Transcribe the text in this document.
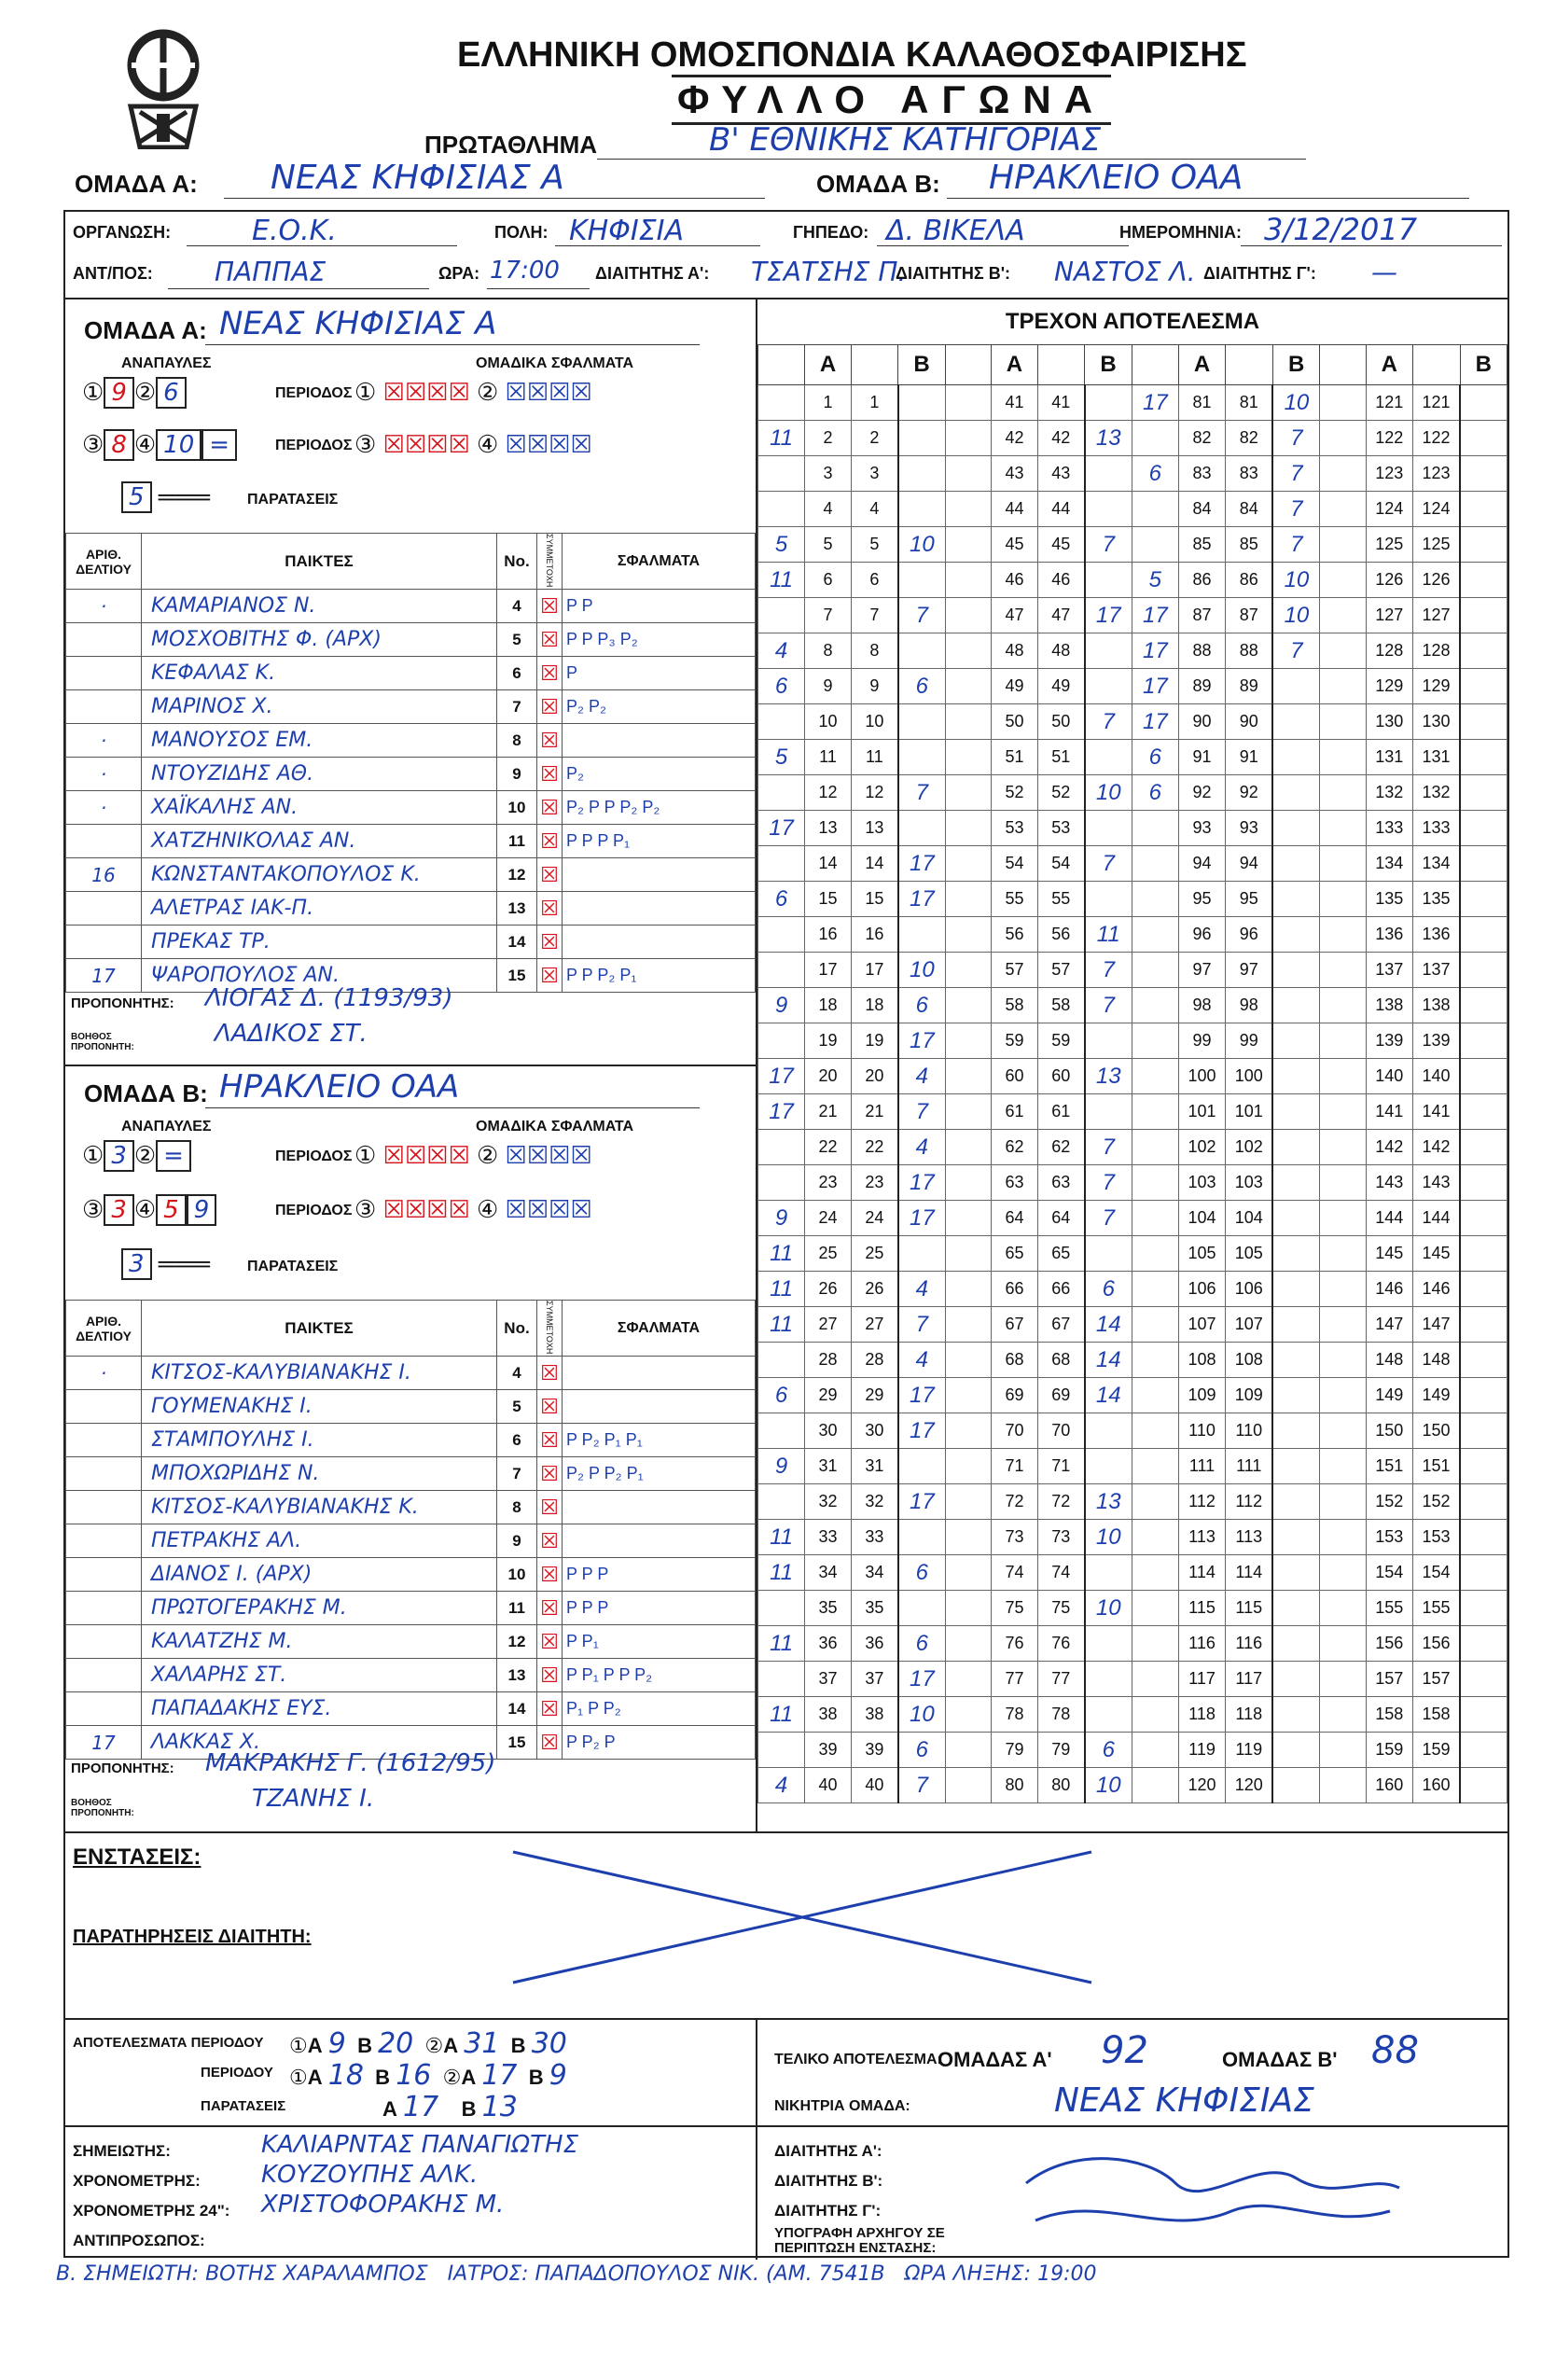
ΕΛΛΗΝΙΚΗ ΟΜΟΣΠΟΝΔΙΑ ΚΑΛΑΘΟΣΦΑΙΡΙΣΗΣ
ΦΥΛΛΟ ΑΓΩΝΑ
ΠΡΩΤΑΘΛΗΜΑ	Β' ΕΘΝΙΚΗΣ ΚΑΤΗΓΟΡΙΑΣ
ΟΜΑΔΑ Α: ΝΕΑΣ ΚΗΦΙΣΙΑΣ Α	ΟΜΑΔΑ Β: ΗΡΑΚΛΕΙΟ ΟΑΑ
ΟΡΓΑΝΩΣΗ:	Ε.Ο.Κ.	ΠΟΛΗ: ΚΗΦΙΣΙΑ	ΓΗΠΕΔΟ: Δ. ΒΙΚΕΛΑ	ΗΜΕΡΟΜΗΝΙΑ: 3/12/2017
ΑΝΤ/ΠΟΣ: ΠΑΠΠΑΣ	ΩΡΑ: 17:00 ΔΙΑΙΤΗΤΗΣ Α': ΤΣΑΤΣΗΣ Π.
ΔΙΑΙΤΗΤΗΣ Β': ΝΑΣΤΟΣ Λ. ΔΙΑΙΤΗΤΗΣ Γ': —
ΟΜΑΔΑ Α: ΝΕΑΣ ΚΗΦΙΣΙΑΣ Α
ΑΝΑΠΑΥΛΕΣ	ΟΜΑΔΙΚΑ ΣΦΑΛΜΑΤΑ
① 9 ② 6	ΠΕΡΙΟΔΟΣ ① ☒☒☒☒ ② ☒☒☒☒
③ 8 ④ 10 =	ΠΕΡΙΟΔΟΣ ③ ☒☒☒☒ ④ ☒☒☒☒
5 ═══ ΠΑΡΑΤΑΣΕΙΣ
ΑΡΙΘ. ΔΕΛΤΙΟΥ	ΠΑΙΚΤΕΣ	No.	ΣΥΜΜΕΤΟΧΗ	ΣΦΑΛΜΑΤΑ
·	ΚΑΜΑΡΙΑΝΟΣ Ν.	4	☒	P P
	ΜΟΣΧΟΒΙΤΗΣ Φ. (ΑΡΧ)	5	☒	P P P₃ P₂
	ΚΕΦΑΛΑΣ Κ.	6	☒	P
	ΜΑΡΙΝΟΣ Χ.	7	☒	P₂ P₂
·	ΜΑΝΟΥΣΟΣ ΕΜ.	8	☒	
·	ΝΤΟΥΖΙΔΗΣ ΑΘ.	9	☒	P₂
·	ΧΑΪΚΑΛΗΣ ΑΝ.	10	☒	P₂ P P P₂ P₂
	ΧΑΤΖΗΝΙΚΟΛΑΣ ΑΝ.	11	☒	P P P P₁
16	ΚΩΝΣΤΑΝΤΑΚΟΠΟΥΛΟΣ Κ.	12	☒	
	ΑΛΕΤΡΑΣ ΙΑΚ-Π.	13	☒	
	ΠΡΕΚΑΣ ΤΡ.	14	☒	
17	ΨΑΡΟΠΟΥΛΟΣ ΑΝ.	15	☒	P P P₂ P₁
ΠΡΟΠΟΝΗΤΗΣ: ΛΙΟΓΑΣ Δ. (1193/93)
ΒΟΗΘΟΣ ΠΡΟΠΟΝΗΤΗ:	ΛΑΔΙΚΟΣ ΣΤ.
ΟΜΑΔΑ Β: ΗΡΑΚΛΕΙΟ ΟΑΑ
ΑΝΑΠΑΥΛΕΣ	ΟΜΑΔΙΚΑ ΣΦΑΛΜΑΤΑ
① 3 ② =	ΠΕΡΙΟΔΟΣ ① ☒☒☒☒ ② ☒☒☒☒
③ 3 ④ 5 9	ΠΕΡΙΟΔΟΣ ③ ☒☒☒☒ ④ ☒☒☒☒
3 ═══ ΠΑΡΑΤΑΣΕΙΣ
ΑΡΙΘ. ΔΕΛΤΙΟΥ	ΠΑΙΚΤΕΣ	No.	ΣΥΜΜΕΤΟΧΗ	ΣΦΑΛΜΑΤΑ
·	ΚΙΤΣΟΣ-ΚΑΛΥΒΙΑΝΑΚΗΣ Ι.	4	☒	
	ΓΟΥΜΕΝΑΚΗΣ Ι.	5	☒	
	ΣΤΑΜΠΟΥΛΗΣ Ι.	6	☒	P P₂ P₁ P₁
	ΜΠΟΧΩΡΙΔΗΣ Ν.	7	☒	P₂ P P₂ P₁
	ΚΙΤΣΟΣ-ΚΑΛΥΒΙΑΝΑΚΗΣ Κ.	8	☒	
	ΠΕΤΡΑΚΗΣ ΑΛ.	9	☒	
	ΔΙΑΝΟΣ Ι. (ΑΡΧ)	10	☒	P P P
	ΠΡΩΤΟΓΕΡΑΚΗΣ Μ.	11	☒	P P P
	ΚΑΛΑΤΖΗΣ Μ.	12	☒	P P₁
	ΧΑΛΑΡΗΣ ΣΤ.	13	☒	P P₁ P P P₂
	ΠΑΠΑΔΑΚΗΣ ΕΥΣ.	14	☒	P₁ P P₂
17	ΛΑΚΚΑΣ Χ.	15	☒	P P₂ P
ΠΡΟΠΟΝΗΤΗΣ: ΜΑΚΡΑΚΗΣ Γ. (1612/95)
ΒΟΗΘΟΣ ΠΡΟΠΟΝΗΤΗ:
ΤΖΑΝΗΣ Ι.
ΤΡΕΧΟΝ ΑΠΟΤΕΛΕΣΜΑ
	Α		Β		Α		Β		Α		Β		Α		Β
	1	1			41	41		17	81	81	10		121	121	
11	2	2			42	42	13		82	82	7		122	122	
	3	3			43	43		6	83	83	7		123	123	
	4	4			44	44			84	84	7		124	124	
5	5	5	10		45	45	7		85	85	7		125	125	
11	6	6			46	46		5	86	86	10		126	126	
	7	7	7		47	47	17	17	87	87	10		127	127	
4	8	8			48	48		17	88	88	7		128	128	
6	9	9	6		49	49		17	89	89			129	129	
	10	10			50	50	7	17	90	90			130	130	
5	11	11			51	51		6	91	91			131	131	
	12	12	7		52	52	10	6	92	92			132	132	
17	13	13			53	53			93	93			133	133	
	14	14	17		54	54	7		94	94			134	134	
6	15	15	17		55	55			95	95			135	135	
	16	16			56	56	11		96	96			136	136	
	17	17	10		57	57	7		97	97			137	137	
9	18	18	6		58	58	7		98	98			138	138	
	19	19	17		59	59			99	99			139	139	
17	20	20	4		60	60	13		100	100			140	140	
17	21	21	7		61	61			101	101			141	141	
	22	22	4		62	62	7		102	102			142	142	
	23	23	17		63	63	7		103	103			143	143	
9	24	24	17		64	64	7		104	104			144	144	
11	25	25			65	65			105	105			145	145	
11	26	26	4		66	66	6		106	106			146	146	
11	27	27	7		67	67	14		107	107			147	147	
	28	28	4		68	68	14		108	108			148	148	
6	29	29	17		69	69	14		109	109			149	149	
	30	30	17		70	70			110	110			150	150	
9	31	31			71	71			111	111			151	151	
	32	32	17		72	72	13		112	112			152	152	
11	33	33			73	73	10		113	113			153	153	
11	34	34	6		74	74			114	114			154	154	
	35	35			75	75	10		115	115			155	155	
11	36	36	6		76	76			116	116			156	156	
	37	37	17		77	77			117	117			157	157	
11	38	38	10		78	78			118	118			158	158	
	39	39	6		79	79	6		119	119			159	159	
4	40	40	7		80	80	10		120	120			160	160	
ΕΝΣΤΑΣΕΙΣ:
ΠΑΡΑΤΗΡΗΣΕΙΣ ΔΙΑΙΤΗΤΗ:
ΑΠΟΤΕΛΕΣΜΑΤΑ ΠΕΡΙΟΔΟΥ
ΠΕΡΙΟΔΟΥ
ΠΑΡΑΤΑΣΕΙΣ
①A 9 B 20  ②A 31 B 30
①A 18 B 16  ②A 17 B 9
A 17 B 13
ΤΕΛΙΚΟ ΑΠΟΤΕΛΕΣΜΑ:
ΟΜΑΔΑΣ Α' 92	ΟΜΑΔΑΣ Β' 88
ΝΙΚΗΤΡΙΑ ΟΜΑΔΑ:	ΝΕΑΣ ΚΗΦΙΣΙΑΣ
ΣΗΜΕΙΩΤΗΣ:	ΚΑΛΙΑΡΝΤΑΣ ΠΑΝΑΓΙΩΤΗΣ
ΧΡΟΝΟΜΕΤΡΗΣ:	ΚΟΥΖΟΥΠΗΣ ΑΛΚ.
ΧΡΟΝΟΜΕΤΡΗΣ 24": ΧΡΙΣΤΟΦΟΡΑΚΗΣ Μ.
ΑΝΤΙΠΡΟΣΩΠΟΣ:
ΔΙΑΙΤΗΤΗΣ Α':
ΔΙΑΙΤΗΤΗΣ Β':
ΔΙΑΙΤΗΤΗΣ Γ':
ΥΠΟΓΡΑΦΗ ΑΡΧΗΓΟΥ ΣΕ ΠΕΡΙΠΤΩΣΗ ΕΝΣΤΑΣΗΣ:
Β. ΣΗΜΕΙΩΤΗ: ΒΟΤΗΣ ΧΑΡΑΛΑΜΠΟΣ   ΙΑΤΡΟΣ: ΠΑΠΑΔΟΠΟΥΛΟΣ ΝΙΚ. (ΑΜ. 7541Β   ΩΡΑ ΛΗΞΗΣ: 19:00
